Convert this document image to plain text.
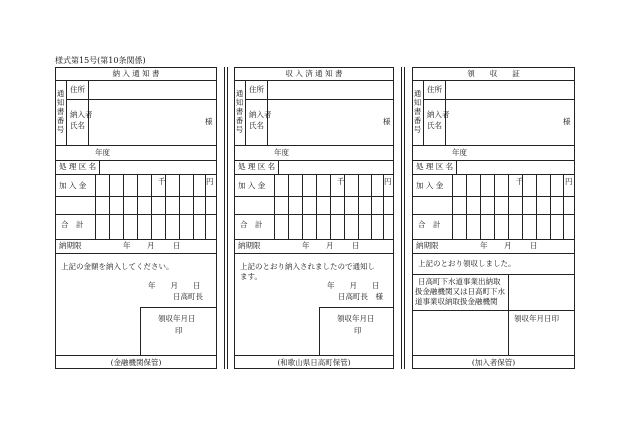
様式第15号(第10条関係)
納 入 通 知 書
通知書番号
住所
納入者
氏名	様
年度
処 理 区 名
加 入 金	千	円
合　計
納期限	年 月 日
上記の金額を納入してください。
年　　月　　日
日高町長
領収年月日
印
(金融機関保管)
収 入 済 通 知 書
通知書番号
住所
納入者
氏名	様
年度
処 理 区 名
加 入 金	千	円
合　計
納期限	年 月 日
上記のとおり納入されましたので通知し
ます。
年　　月　　日
日高町長　様
領収年月日
印
(和歌山県日高町保管)
領　　収　　証
通知書番号
住所
納入者
氏名	様
年度
処 理 区 名
加 入 金	千	円
合　計
納期限	年 月 日
上記のとおり領収しました。
日高町下水道事業出納取
扱金融機関又は日高町下水
道事業収納取扱金融機関
領収年月日印
(加入者保管)
